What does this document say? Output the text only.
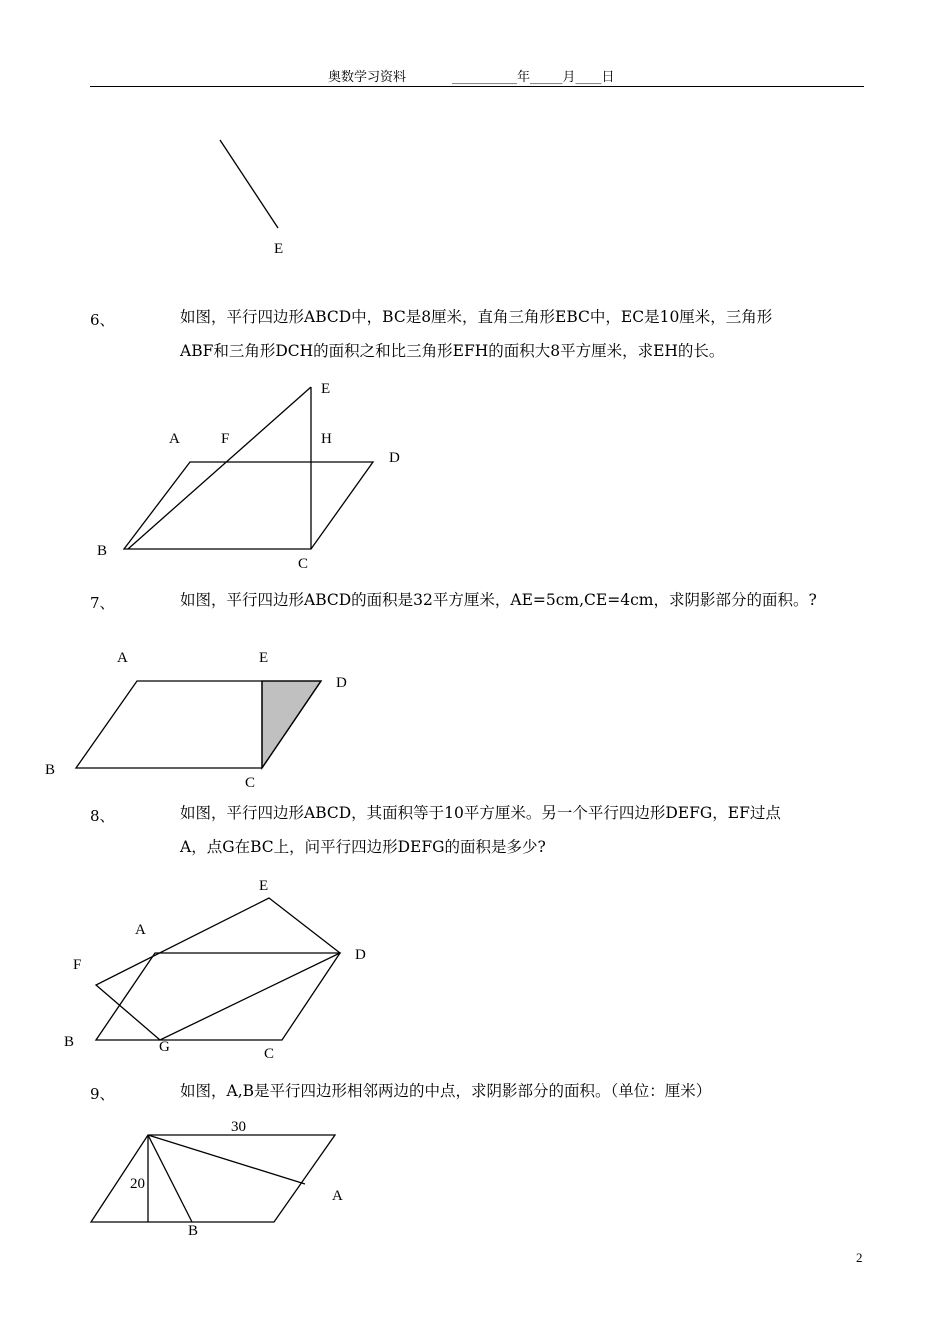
奥数学习资料	__________年_____月____日
E
6、	如图，平行四边形ABCD中，BC是8厘米，直角三角形EBC中，EC是10厘米，三角形

ABF和三角形DCH的面积之和比三角形EFH的面积大8平方厘米，求EH的长。

E
A	F	H
D
B
C
7、	如图，平行四边形ABCD的面积是32平方厘米，AE=5cm,CE=4cm，求阴影部分的面积。?

A	E
D
B
C
8、	如图，平行四边形ABCD，其面积等于10平方厘米。另一个平行四边形DEFG，EF过点

A，点G在BC上，问平行四边形DEFG的面积是多少?

E
A
D
F
B	G	C
9、	如图，A,B是平行四边形相邻两边的中点，求阴影部分的面积。（单位：厘米）

30
20
A
B
2
